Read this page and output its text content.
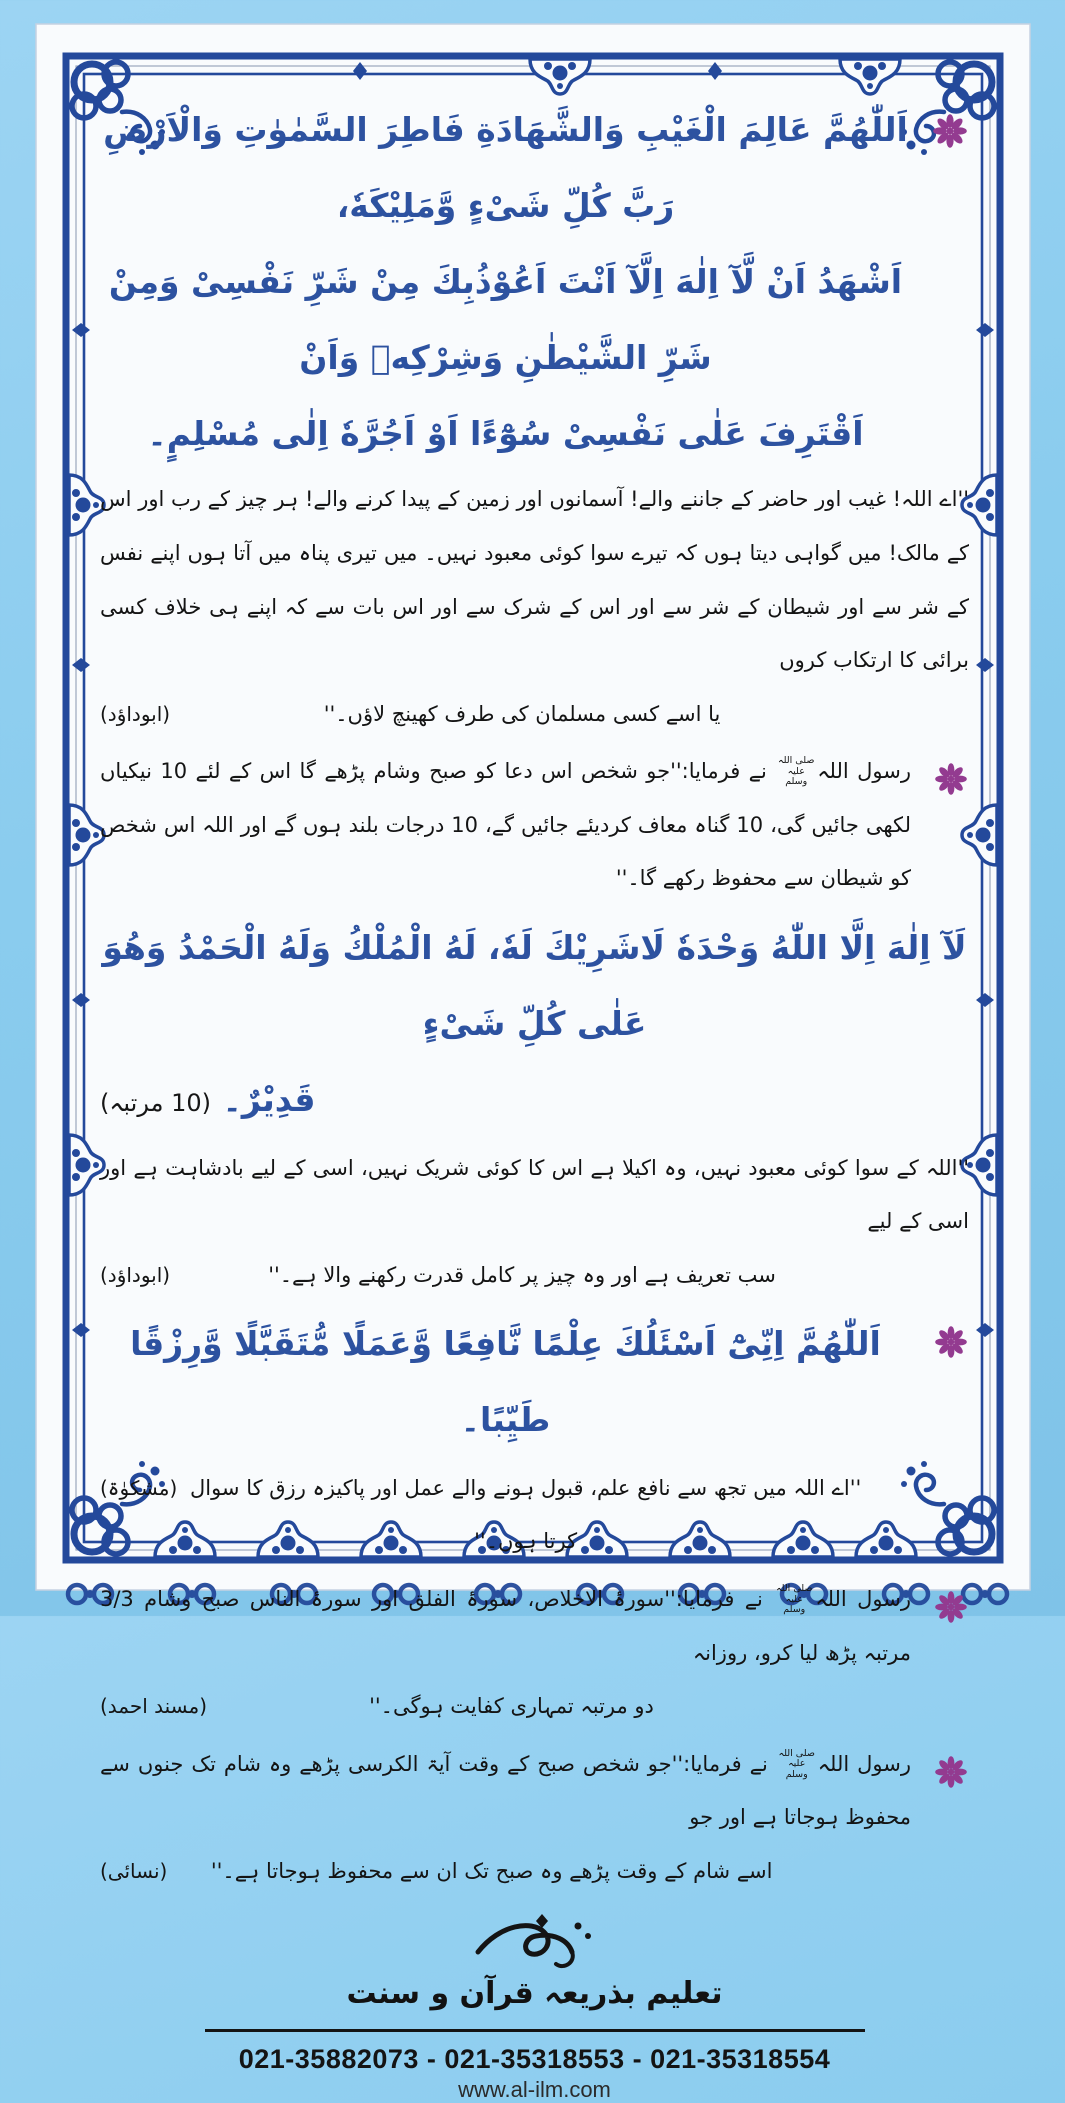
اَللّٰهُمَّ عَالِمَ الْغَيْبِ وَالشَّهَادَةِ فَاطِرَ السَّمٰوٰتِ وَالْاَرْضِ رَبَّ كُلِّ شَیْءٍ وَّمَلِيْكَهٗ،
اَشْهَدُ اَنْ لَّآ اِلٰهَ اِلَّآ اَنْتَ اَعُوْذُبِكَ مِنْ شَرِّ نَفْسِیْ وَمِنْ شَرِّ الشَّيْطٰنِ وَشِرْكِهٖ وَاَنْ
اَقْتَرِفَ عَلٰی نَفْسِیْ سُوْٓءًا اَوْ اَجُرَّهٗ اِلٰی مُسْلِمٍ۔

''اے اللہ! غیب اور حاضر کے جاننے والے! آسمانوں اور زمین کے پیدا کرنے والے! ہر چیز کے رب اور اس کے مالک! میں گواہی دیتا ہوں کہ تیرے سوا کوئی معبود نہیں۔ میں تیری پناہ میں آتا ہوں اپنے نفس کے شر سے اور شیطان کے شر سے اور اس کے شرک سے اور اس بات سے کہ اپنے ہی خلاف کسی برائی کا ارتکاب کروں

(ابوداؤد)	یا اسے کسی مسلمان کی طرف کھینچ لاؤں۔''

رسول اللہصلی اللہ علیہ وسلم نے فرمایا:''جو شخص اس دعا کو صبح وشام پڑھے گا اس کے لئے 10 نیکیاں لکھی جائیں گی، 10 گناہ معاف کردیئے جائیں گے، 10 درجات بلند ہوں گے اور اللہ اس شخص کو شیطان سے محفوظ رکھے گا۔''

لَآ اِلٰهَ اِلَّا اللّٰهُ وَحْدَهٗ لَاشَرِيْكَ لَهٗ، لَهُ الْمُلْكُ وَلَهُ الْحَمْدُ وَهُوَ عَلٰی كُلِّ شَیْءٍ
قَدِيْرٌ۔ (10 مرتبہ)

''اللہ کے سوا کوئی معبود نہیں، وہ اکیلا ہے اس کا کوئی شریک نہیں، اسی کے لیے بادشاہت ہے اور اسی کے لیے

(ابوداؤد)	سب تعریف ہے اور وہ چیز پر کامل قدرت رکھنے والا ہے۔''
اَللّٰهُمَّ اِنِّیْٓ اَسْئَلُكَ عِلْمًا نَّافِعًا وَّعَمَلًا مُّتَقَبَّلًا وَّرِزْقًا طَيِّبًا۔
(مشکوٰۃ) ''اے اللہ میں تجھ سے نافع علم، قبول ہونے والے عمل اور پاکیزہ رزق کا سوال کرتا ہوں۔''

رسول اللہصلی اللہ علیہ وسلم نے فرمایا:''سورۂ الاخلاص، سورۂ الفلق اور سورۂ الناس صبح وشام 3/3 مرتبہ پڑھ لیا کرو، روزانہ

(مسند احمد)	دو مرتبہ تمہاری کفایت ہوگی۔''

رسول اللہصلی اللہ علیہ وسلم نے فرمایا:''جو شخص صبح کے وقت آیۃ الکرسی پڑھے وہ شام تک جنوں سے محفوظ ہوجاتا ہے اور جو

(نسائی)	اسے شام کے وقت پڑھے وہ صبح تک ان سے محفوظ ہوجاتا ہے۔''
تعلیم بذریعہ قرآن و سنت
021-35882073 - 021-35318553 - 021-35318554
www.al-ilm.com
